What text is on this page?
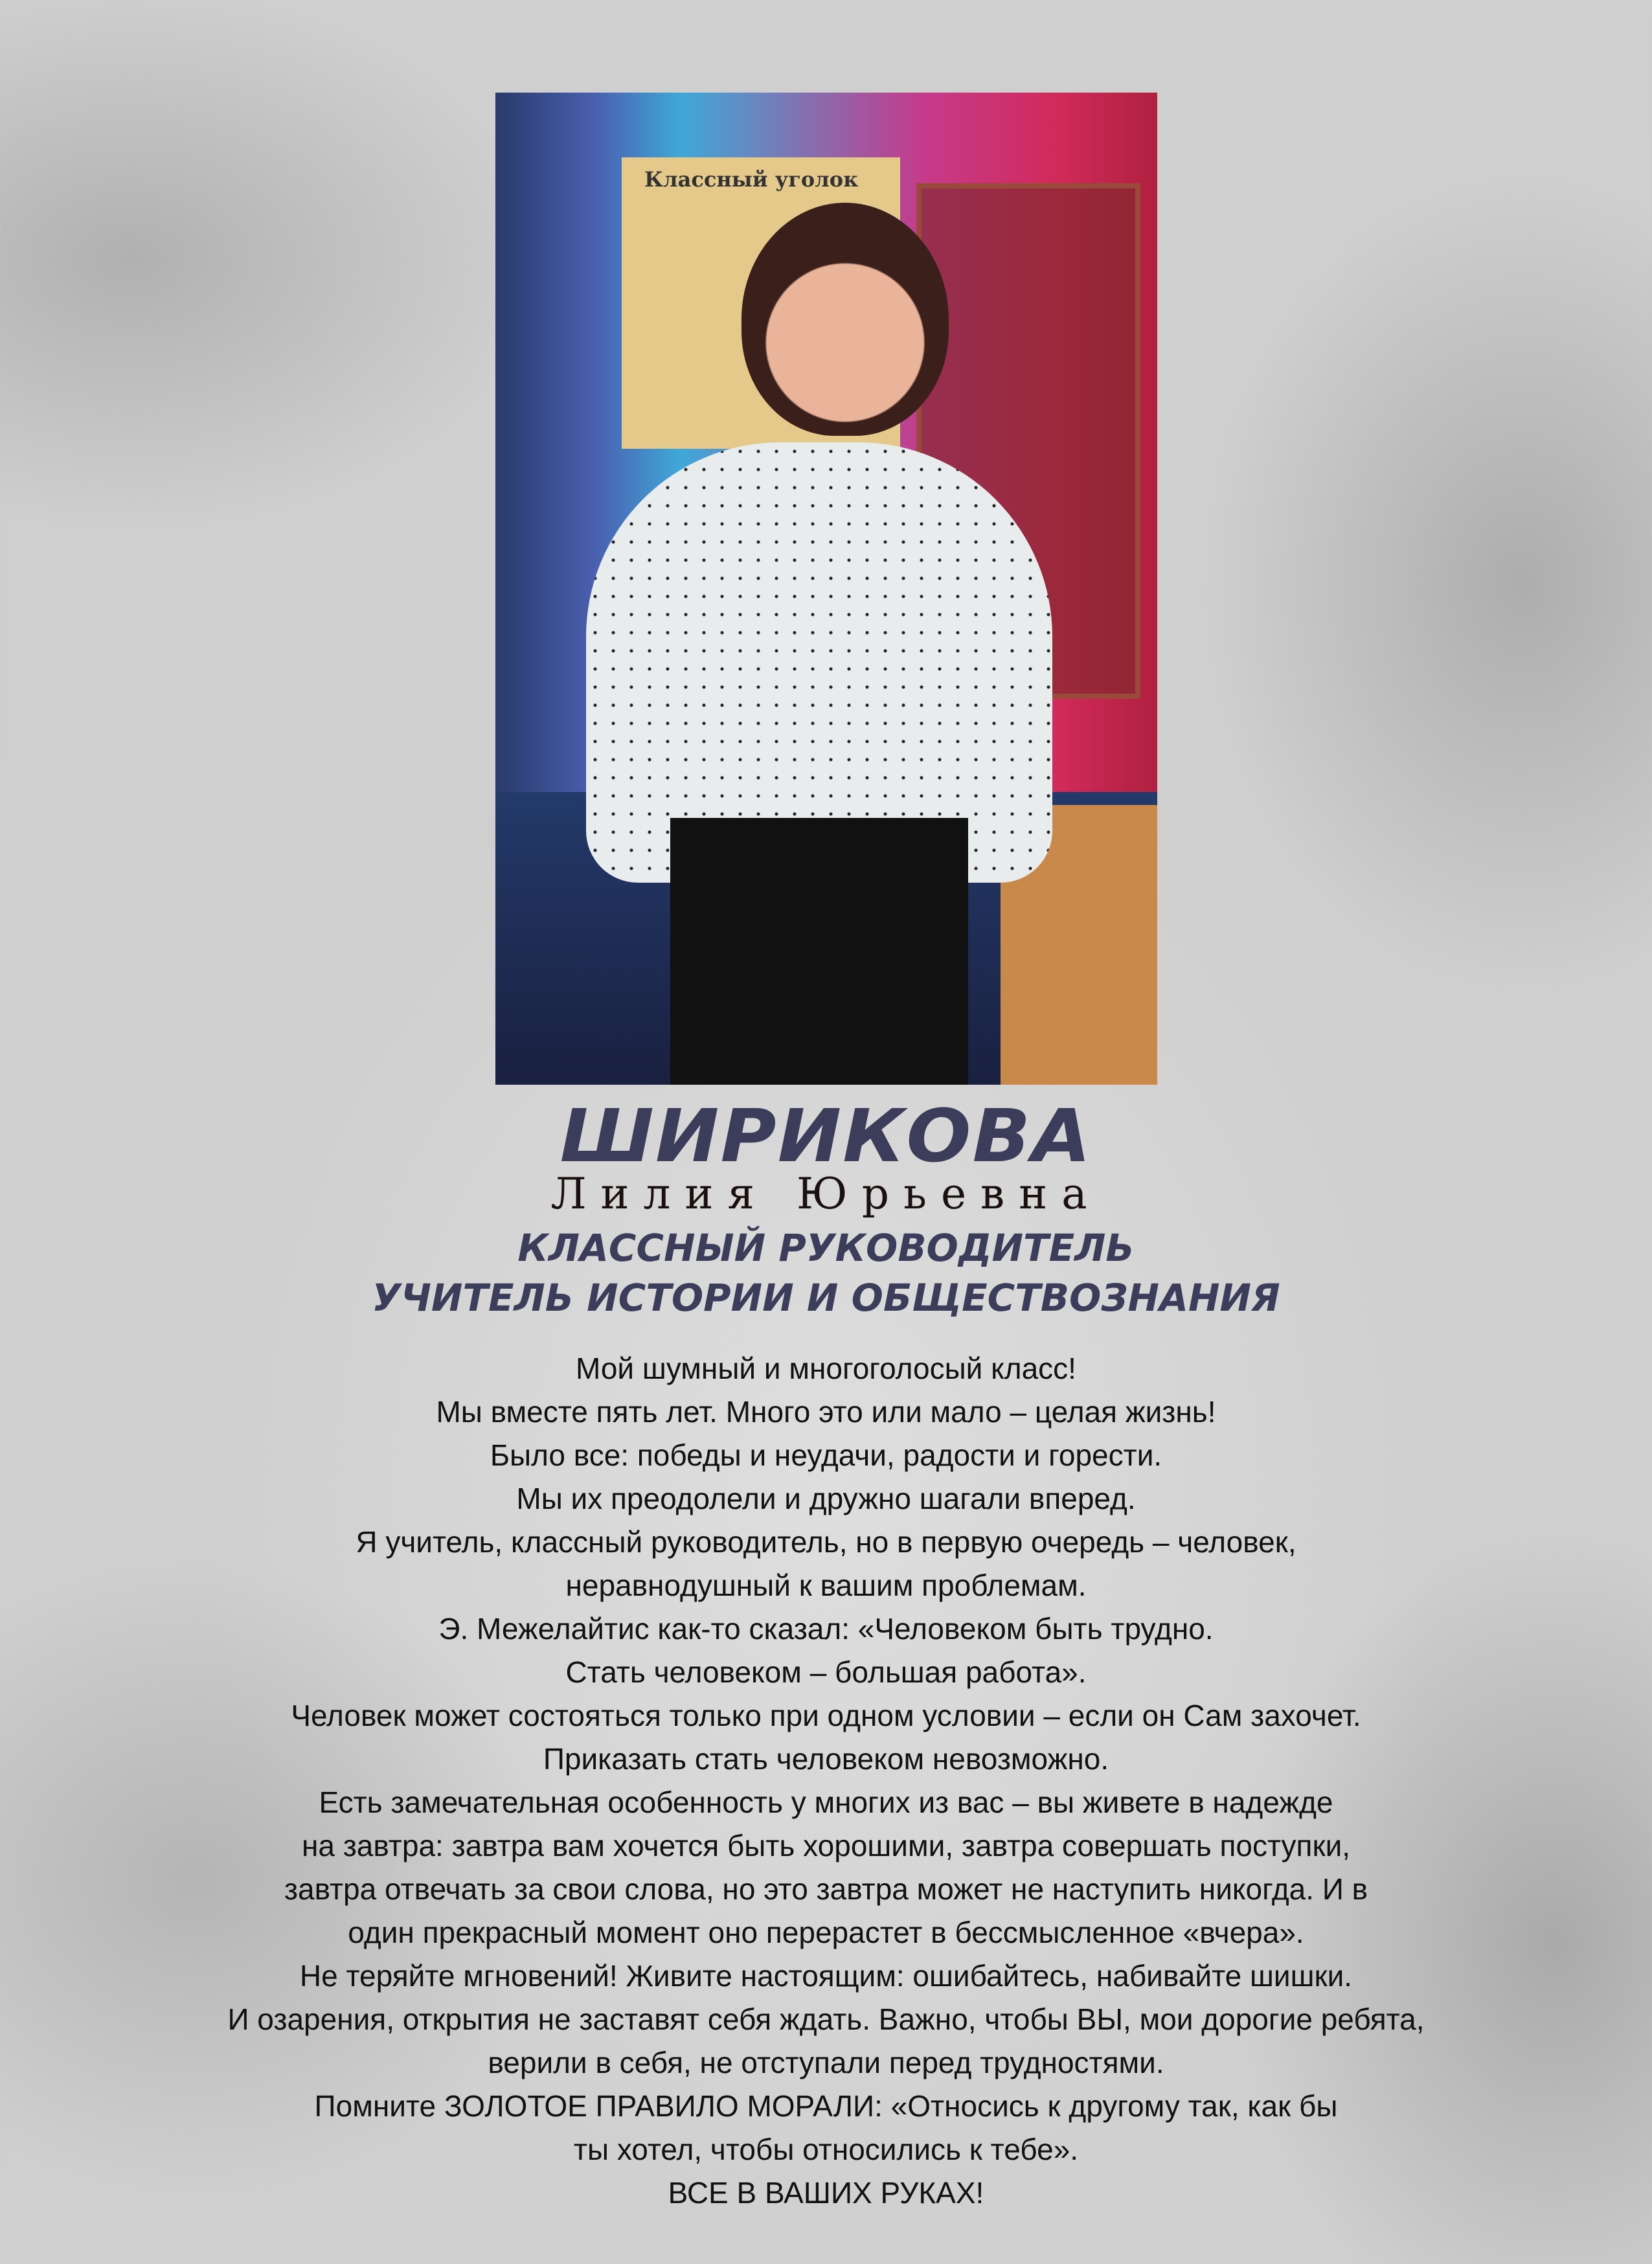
Классный уголок
ШИРИКОВА
Лилия Юрьевна
КЛАССНЫЙ РУКОВОДИТЕЛЬ
УЧИТЕЛЬ ИСТОРИИ И ОБЩЕСТВОЗНАНИЯ
Мой шумный и многоголосый класс!
Мы вместе пять лет. Много это или мало – целая жизнь!
Было все: победы и неудачи, радости и горести.
Мы их преодолели и дружно шагали вперед.
Я учитель, классный руководитель, но в первую очередь – человек,
неравнодушный к вашим проблемам.
Э. Межелайтис как-то сказал: «Человеком быть трудно.
Стать человеком – большая работа».
Человек может состояться только при одном условии – если он Сам захочет.
Приказать стать человеком невозможно.
Есть замечательная особенность у многих из вас – вы живете в надежде
на завтра: завтра вам хочется быть хорошими, завтра совершать поступки,
завтра отвечать за свои слова, но это завтра может не наступить никогда. И в
один прекрасный момент оно перерастет в бессмысленное «вчера».
Не теряйте мгновений! Живите настоящим: ошибайтесь, набивайте шишки.
И озарения, открытия не заставят себя ждать. Важно, чтобы ВЫ, мои дорогие ребята,
верили в себя, не отступали перед трудностями.
Помните ЗОЛОТОЕ ПРАВИЛО МОРАЛИ: «Относись к другому так, как бы
ты хотел, чтобы относились к тебе».
ВСЕ В ВАШИХ РУКАХ!
